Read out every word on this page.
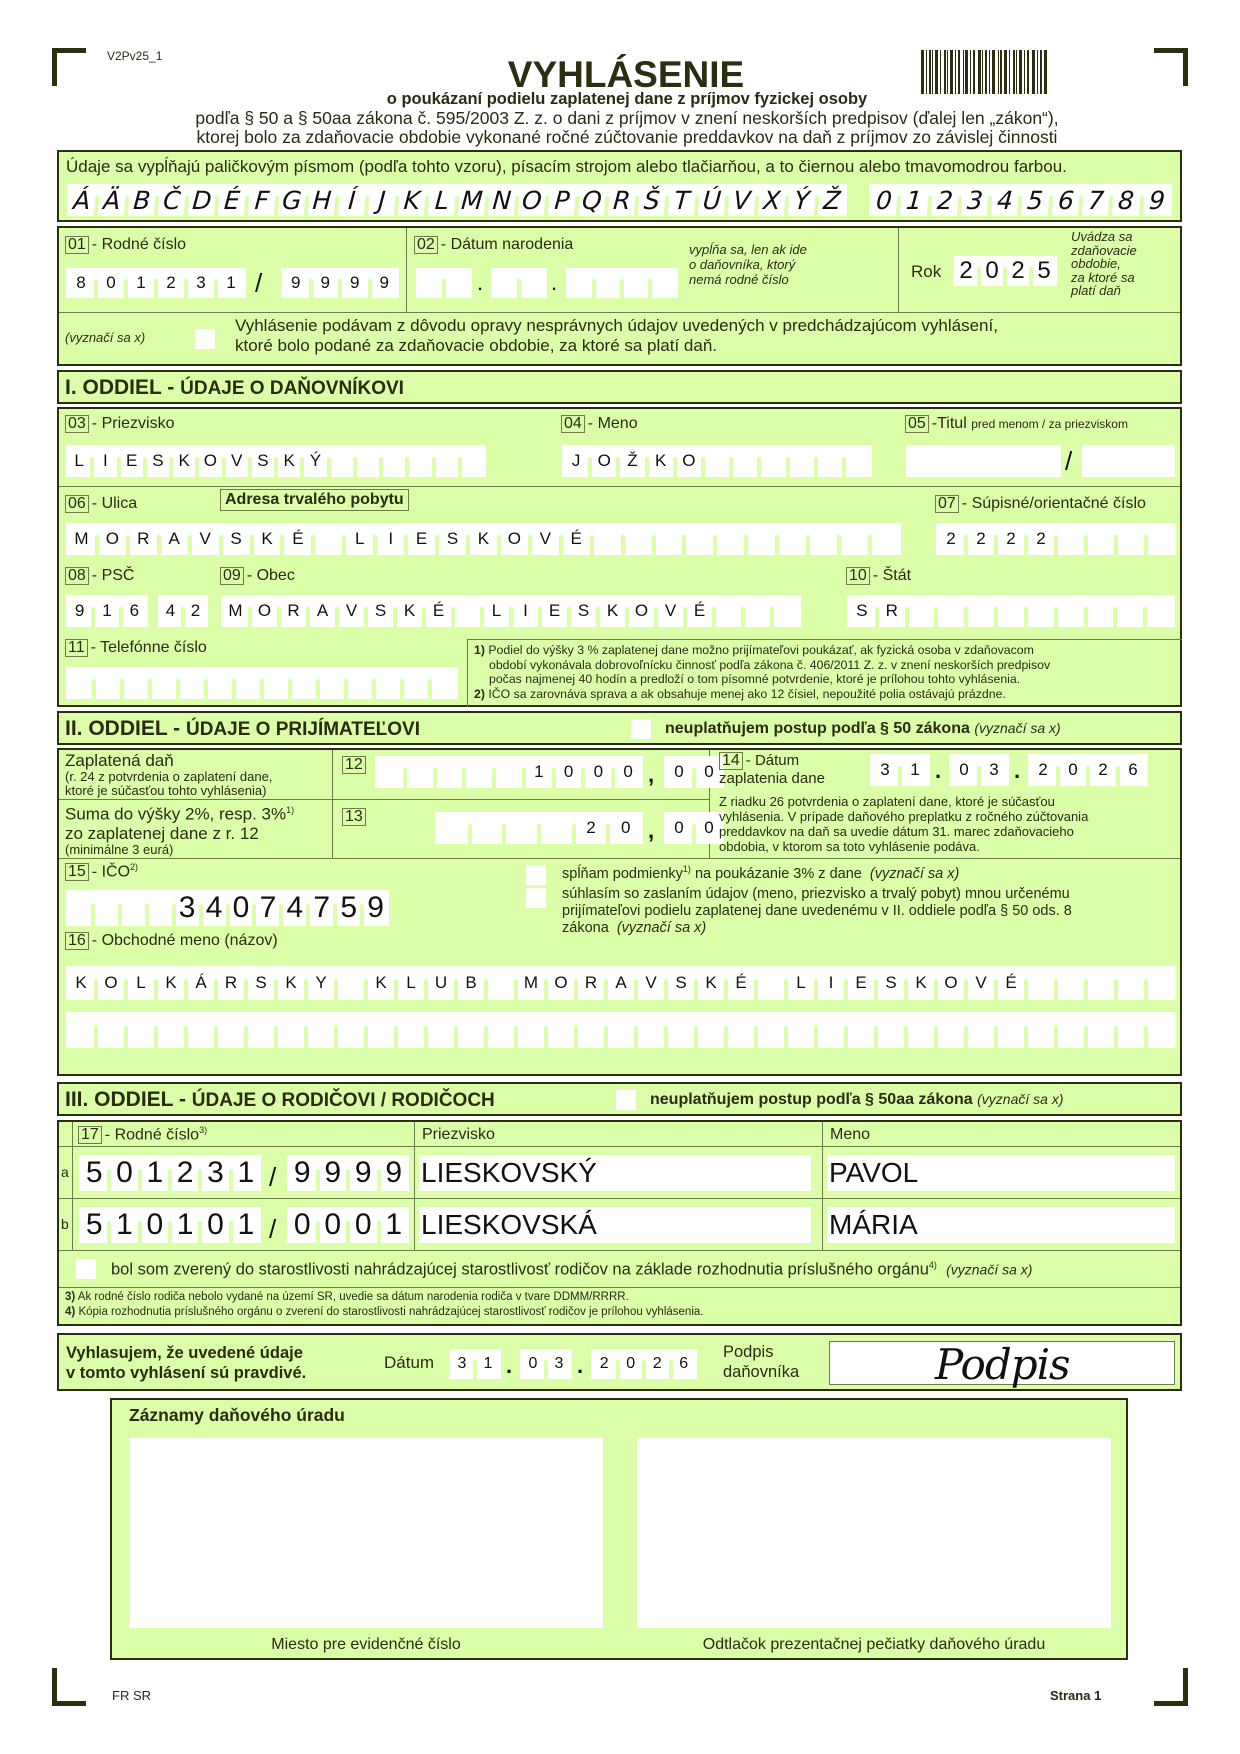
V2Pv25_1	VYHLÁSENIE
o poukázaní podielu zaplatenej dane z príjmov fyzickej osoby
podľa § 50 a § 50aa zákona č. 595/2003 Z. z. o dani z príjmov v znení neskorších predpisov (ďalej len „zákon“),
ktorej bolo za zdaňovacie obdobie vykonané ročné zúčtovanie preddavkov na daň z príjmov zo závislej činnosti
Údaje sa vypĺňajú paličkovým písmom (podľa tohto vzoru), písacím strojom alebo tlačiarňou, a to čiernou alebo tmavomodrou farbou.
Á Ä B Č D É F G H Í J K L M N O P Q R Š T Ú V X Ý Ž 0 1 2 3 4 5 6 7 8 9
01 - Rodné číslo
8	0	1	2	3	1 /	9	9	9	9
02 - Dátum narodenia
.	.
vypĺňa sa, len ak ide
o daňovníka, ktorý
nemá rodné číslo	Rok 2 0 2 5
Uvádza sa
zdaňovacie
obdobie,
za ktoré sa
platí daň
(vyznačí sa x)
Vyhlásenie podávam z dôvodu opravy nesprávnych údajov uvedených v predchádzajúcom vyhlásení,
ktoré bolo podané za zdaňovacie obdobie, za ktoré sa platí daň.
I. ODDIEL - ÚDAJE O DAŇOVNÍKOVI
03 - Priezvisko
L	I	E S K O V S K Ý
04 - Meno
J	O Ž	K O
05 -Titul pred menom / za priezviskom
/
Adresa trvalého pobytu
06 - Ulica
M	O	R	A	V	S	K	É	L	I	E	S	K	O	V	É
07 - Súpisné/orientačné číslo
2	2	2	2
08 - PSČ
9	1	6	4 2
09 - Obec
M O R	A	V	S	K	É	L	I	E	S	K O V	É
10 - Štát
S	R
11 - Telefónne číslo	1) Podiel do výšky 3 % zaplatenej dane možno prijímateľovi poukázať, ak fyzická osoba v zdaňovacom
období vykonávala dobrovoľnícku činnosť podľa zákona č. 406/2011 Z. z. v znení neskorších predpisov
počas najmenej 40 hodín a predloží o tom písomné potvrdenie, ktoré je prílohou tohto vyhlásenia.
2) IČO sa zarovnáva sprava a ak obsahuje menej ako 12 čísiel, nepoužité polia ostávajú prázdne.
II. ODDIEL - ÚDAJE O PRIJÍMATEĽOVI	neuplatňujem postup podľa § 50 zákona (vyznačí sa x)
Zaplatená daň
(r. 24 z potvrdenia o zaplatení dane,
ktoré je súčasťou tohto vyhlásenia)
12	1	0	0	0 ,	0	0
Suma do výšky 2%, resp. 3%$^{1)}$
zo zaplatenej dane z r. 12
(minimálne 3 eurá)
13
2	0 ,	0	0
14 - Dátum
zaplatenia dane	3	1 .	0	3 .	2	0	2	6
Z riadku 26 potvrdenia o zaplatení dane, ktoré je súčasťou
vyhlásenia. V prípade daňového preplatku z ročného zúčtovania
preddavkov na daň sa uvedie dátum 31. marec zdaňovacieho
obdobia, v ktorom sa toto vyhlásenie podáva.
15 - IČO$^{2)}$
3 4 0 7 4 7 5 9
spĺňam podmienky$^{1)}$ na poukázanie 3% z dane (vyznačí sa x)
súhlasím so zaslaním údajov (meno, priezvisko a trvalý pobyt) mnou určenému
prijímateľovi podielu zaplatenej dane uvedenému v II. oddiele podľa § 50 ods. 8
zákona (vyznačí sa x)
16 - Obchodné meno (názov)
K	O	L	K	Á	R	S	K	Y	K	L	U	B	M O	R	A	V	S	K	É	L	I	E	S	K	O	V	É
III. ODDIEL - ÚDAJE O RODIČOVI / RODIČOCH	neuplatňujem postup podľa § 50aa zákona (vyznačí sa x)
17 - Rodné číslo$^{3)}$	Priezvisko	Meno
a 5 0 1 2 3 1 / 9 9 9 9 LIESKOVSKÝ	PAVOL
b 5 1 0 1 0 1 / 0 0 0 1 LIESKOVSKÁ	MÁRIA
bol som zverený do starostlivosti nahrádzajúcej starostlivosť rodičov na základe rozhodnutia príslušného orgánu$^{4)}$ (vyznačí sa x)
3) Ak rodné číslo rodiča nebolo vydané na území SR, uvedie sa dátum narodenia rodiča v tvare DDMM/RRRR.
4) Kópia rozhodnutia príslušného orgánu o zverení do starostlivosti nahrádzajúcej starostlivosť rodičov je prílohou vyhlásenia.
Vyhlasujem, že uvedené údaje
v tomto vyhlásení sú pravdivé.
Dátum	3	1 .	0	3 .	2	0	2	6
Podpis
daňovníka	Podpis
Záznamy daňového úradu
Miesto pre evidenčné číslo	Odtlačok prezentačnej pečiatky daňového úradu
FR SR	Strana 1
